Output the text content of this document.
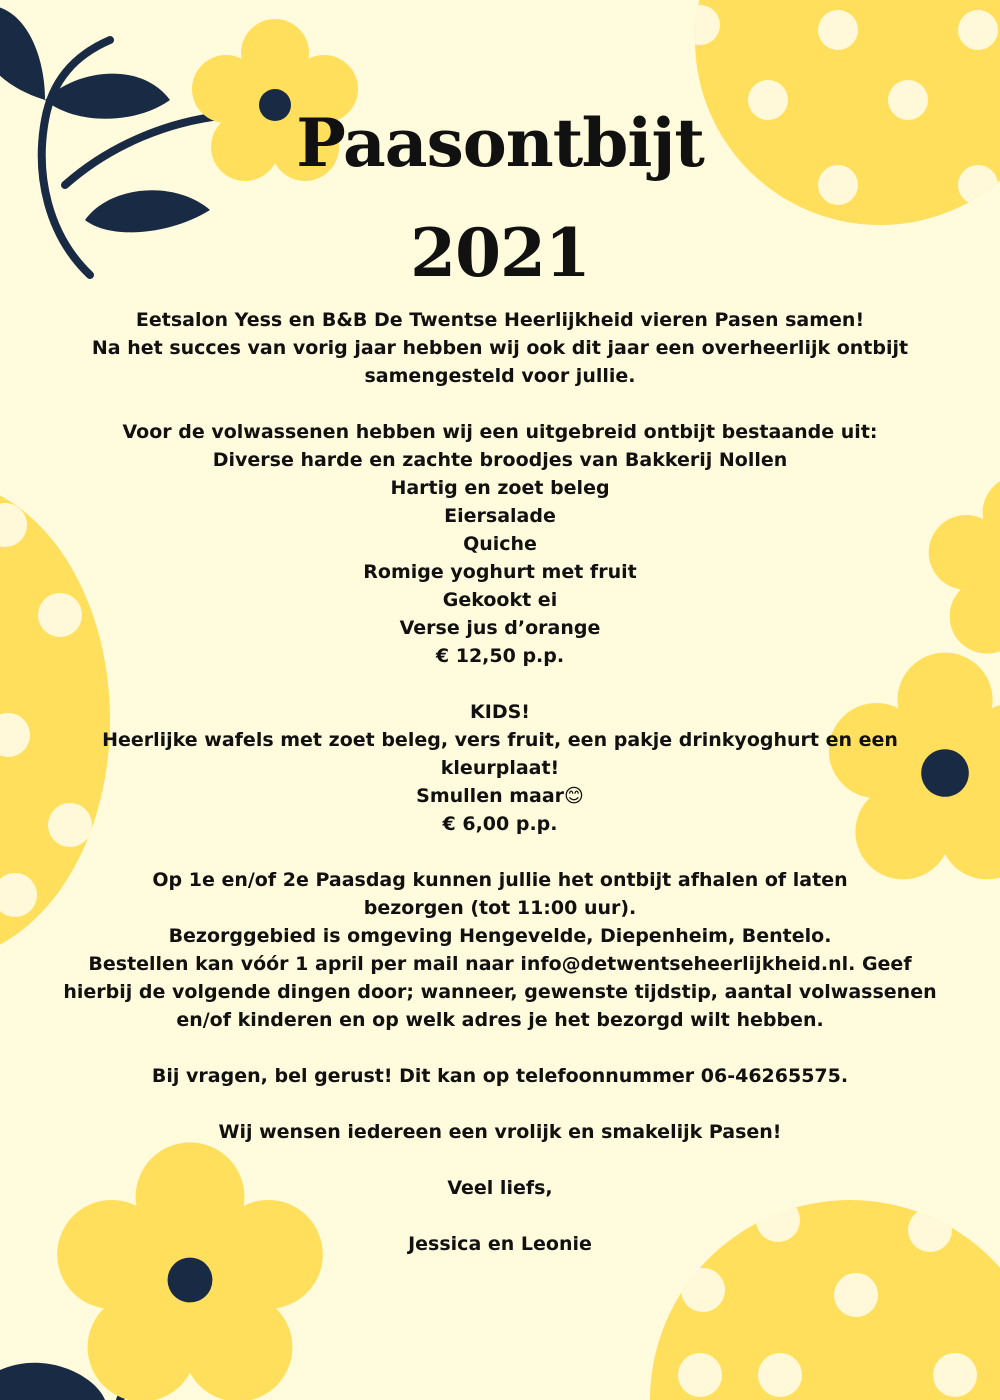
Paasontbijt
2021

Eetsalon Yess en B&B De Twentse Heerlijkheid vieren Pasen samen!

Na het succes van vorig jaar hebben wij ook dit jaar een overheerlijk ontbijt

samengesteld voor jullie.

Voor de volwassenen hebben wij een uitgebreid ontbijt bestaande uit:

Diverse harde en zachte broodjes van Bakkerij Nollen

Hartig en zoet beleg

Eiersalade

Quiche

Romige yoghurt met fruit

Gekookt ei

Verse jus d’orange

€ 12,50 p.p.

KIDS!

Heerlijke wafels met zoet beleg, vers fruit, een pakje drinkyoghurt en een

kleurplaat!

Smullen maar😊

€ 6,00 p.p.

Op 1e en/of 2e Paasdag kunnen jullie het ontbijt afhalen of laten

bezorgen (tot 11:00 uur).

Bezorggebied is omgeving Hengevelde, Diepenheim, Bentelo.

Bestellen kan vóór 1 april per mail naar info@detwentseheerlijkheid.nl. Geef

hierbij de volgende dingen door; wanneer, gewenste tijdstip, aantal volwassenen

en/of kinderen en op welk adres je het bezorgd wilt hebben.

Bij vragen, bel gerust! Dit kan op telefoonnummer 06-46265575.

Wij wensen iedereen een vrolijk en smakelijk Pasen!

Veel liefs,

Jessica en Leonie
